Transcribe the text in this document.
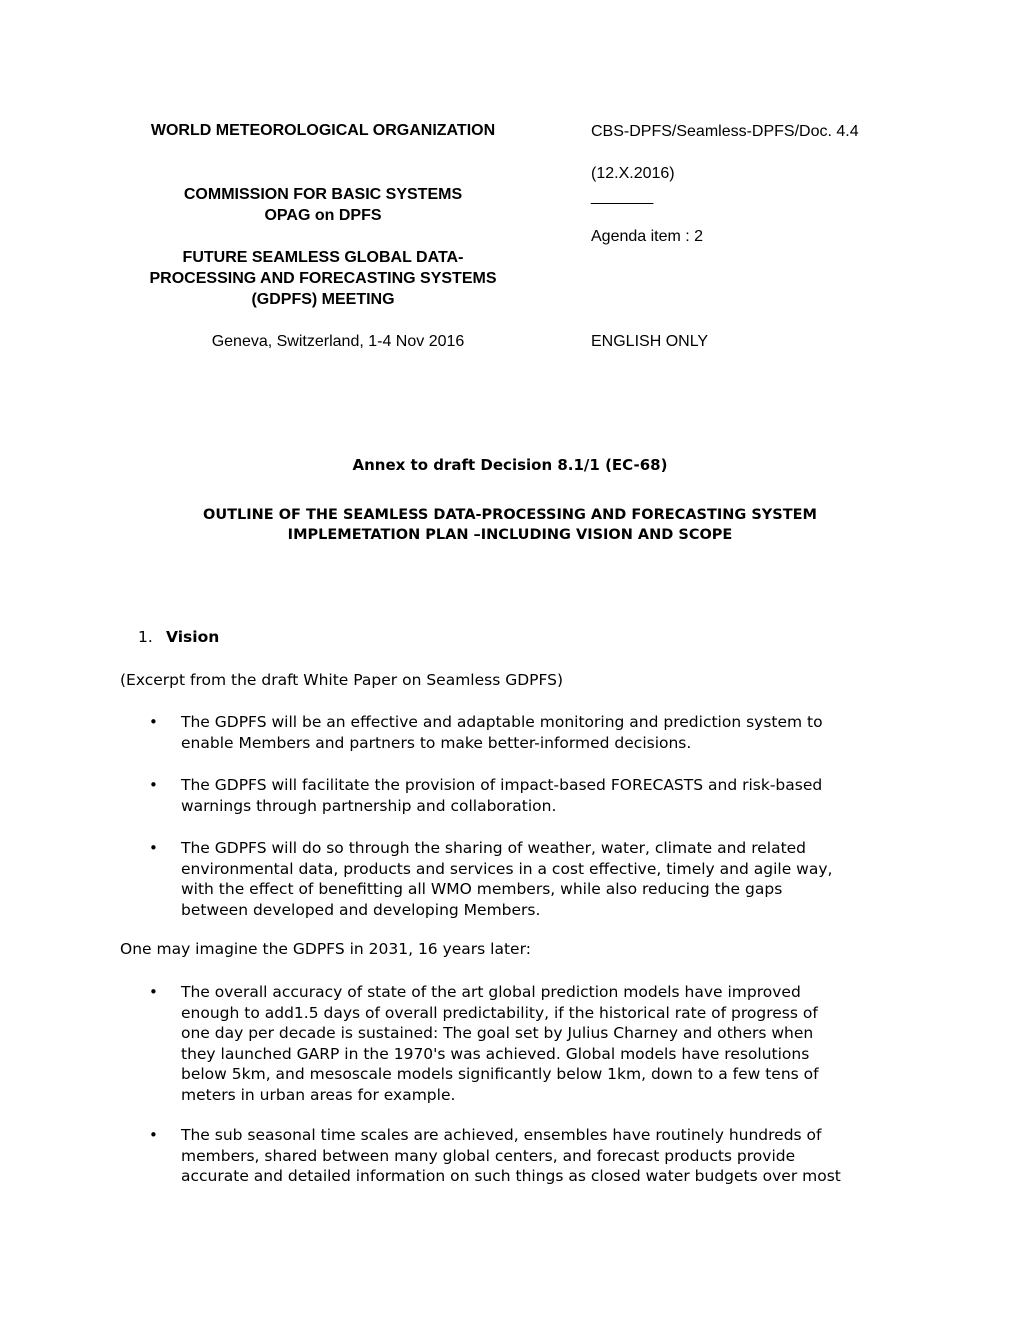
WORLD METEOROLOGICAL ORGANIZATION	CBS-DPFS/Seamless-DPFS/Doc. 4.4
(12.X.2016)
COMMISSION FOR BASIC SYSTEMS	_______
OPAG on DPFS
Agenda item : 2
FUTURE SEAMLESS GLOBAL DATA-
PROCESSING AND FORECASTING SYSTEMS
(GDPFS) MEETING
Geneva, Switzerland, 1-4 Nov 2016	ENGLISH ONLY
Annex to draft Decision 8.1/1 (EC-68)
OUTLINE OF THE SEAMLESS DATA-PROCESSING AND FORECASTING SYSTEM
IMPLEMETATION PLAN –INCLUDING VISION AND SCOPE
1. Vision
(Excerpt from the draft White Paper on Seamless GDPFS)
• The GDPFS will be an effective and adaptable monitoring and prediction system to
enable Members and partners to make better-informed decisions.
• The GDPFS will facilitate the provision of impact-based FORECASTS and risk-based
warnings through partnership and collaboration.
• The GDPFS will do so through the sharing of weather, water, climate and related
environmental data, products and services in a cost effective, timely and agile way,
with the effect of benefitting all WMO members, while also reducing the gaps
between developed and developing Members.
One may imagine the GDPFS in 2031, 16 years later:
• The overall accuracy of state of the art global prediction models have improved
enough to add1.5 days of overall predictability, if the historical rate of progress of
one day per decade is sustained: The goal set by Julius Charney and others when
they launched GARP in the 1970's was achieved. Global models have resolutions
below 5km, and mesoscale models significantly below 1km, down to a few tens of
meters in urban areas for example.
• The sub seasonal time scales are achieved, ensembles have routinely hundreds of
members, shared between many global centers, and forecast products provide
accurate and detailed information on such things as closed water budgets over most
